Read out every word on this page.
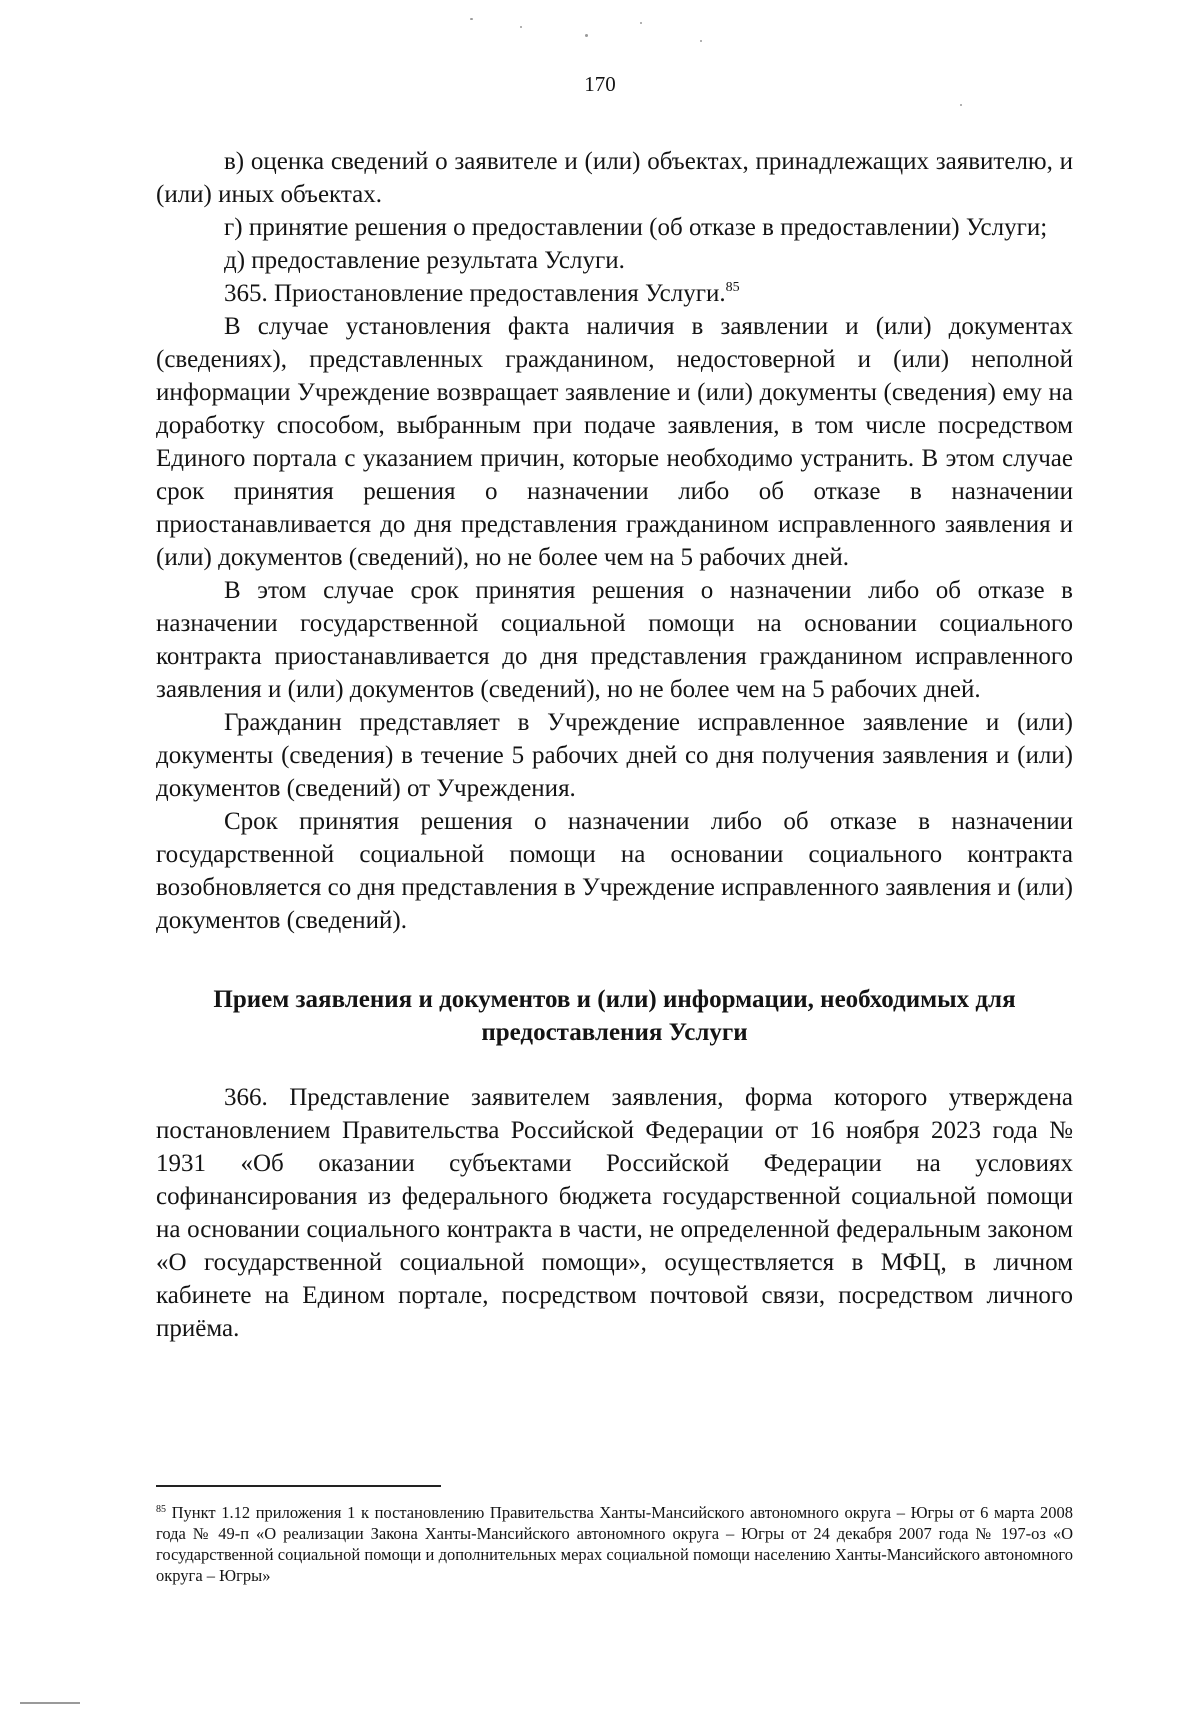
170

в) оценка сведений о заявителе и (или) объектах, принадлежащих заявителю, и (или) иных объектах.

г) принятие решения о предоставлении (об отказе в предоставлении) Услуги;

д) предоставление результата Услуги.

365. Приостановление предоставления Услуги.$^{85}$

В случае установления факта наличия в заявлении и (или) документах (сведениях), представленных гражданином, недостоверной и (или) неполной информации Учреждение возвращает заявление и (или) документы (сведения) ему на доработку способом, выбранным при подаче заявления, в том числе посредством Единого портала с указанием причин, которые необходимо устранить. В этом случае срок принятия решения о назначении либо об отказе в назначении приостанавливается до дня представления гражданином исправленного заявления и (или) документов (сведений), но не более чем на 5 рабочих дней.

В этом случае срок принятия решения о назначении либо об отказе в назначении государственной социальной помощи на основании социального контракта приостанавливается до дня представления гражданином исправленного заявления и (или) документов (сведений), но не более чем на 5 рабочих дней.

Гражданин представляет в Учреждение исправленное заявление и (или) документы (сведения) в течение 5 рабочих дней со дня получения заявления и (или) документов (сведений) от Учреждения.

Срок принятия решения о назначении либо об отказе в назначении государственной социальной помощи на основании социального контракта возобновляется со дня представления в Учреждение исправленного заявления и (или) документов (сведений).

Прием заявления и документов и (или) информации, необходимых для предоставления Услуги

366. Представление заявителем заявления, форма которого утверждена постановлением Правительства Российской Федерации от 16 ноября 2023 года № 1931 «Об оказании субъектами Российской Федерации на условиях софинансирования из федерального бюджета государственной социальной помощи на основании социального контракта в части, не определенной федеральным законом «О государственной социальной помощи», осуществляется в МФЦ, в личном кабинете на Едином портале, посредством почтовой связи, посредством личного приёма.

$^{85}$ Пункт 1.12 приложения 1 к постановлению Правительства Ханты-Мансийского автономного округа – Югры от 6 марта 2008 года № 49-п «О реализации Закона Ханты-Мансийского автономного округа – Югры от 24 декабря 2007 года № 197-оз «О государственной социальной помощи и дополнительных мерах социальной помощи населению Ханты-Мансийского автономного округа – Югры»
